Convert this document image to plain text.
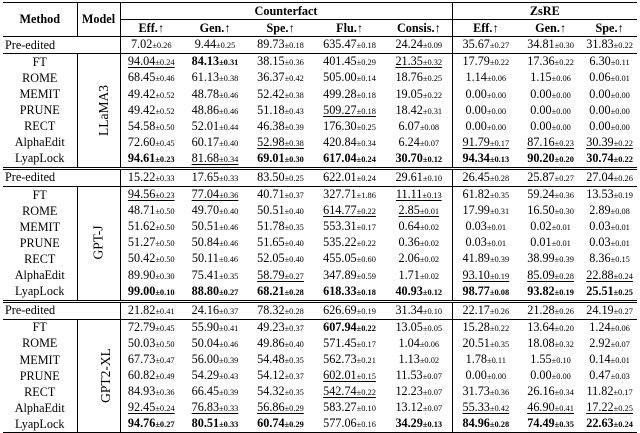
Method	Model	Counterfact					ZsRE		
		Eff.↑	Gen.↑	Spe.↑	Flu.↑	Consis.↑	Eff.↑	Gen.↑	Spe.↑
Pre-edited		7.02±0.26	9.44±0.25	89.73±0.18	635.47±0.18	24.24±0.09	35.67±0.27	34.81±0.30	31.83±0.22
FT	LLaMA3	94.04±0.24	84.13±0.31	38.15±0.36	401.45±0.29	21.35±0.32	17.79±0.22	17.36±0.22	6.30±0.11
ROME		68.45±0.46	61.13±0.38	36.37±0.42	505.00±0.14	18.76±0.25	1.14±0.06	1.15±0.06	0.06±0.01
MEMIT		49.42±0.52	48.78±0.46	52.42±0.38	499.28±0.18	19.05±0.22	0.00±0.00	0.00±0.00	0.00±0.00
PRUNE		49.42±0.52	48.86±0.46	51.18±0.43	509.27±0.18	18.42±0.31	0.00±0.00	0.00±0.00	0.00±0.00
RECT		54.58±0.50	52.01±0.44	46.38±0.39	176.30±0.25	6.07±0.08	0.00±0.00	0.00±0.00	0.00±0.00
AlphaEdit		72.60±0.45	60.17±0.40	52.98±0.38	420.84±0.34	6.24±0.07	91.79±0.17	87.16±0.23	30.39±0.22
LyapLock		94.61±0.23	81.68±0.34	69.01±0.30	617.04±0.24	30.70±0.12	94.34±0.13	90.20±0.20	30.74±0.22
Pre-edited		15.22±0.33	17.65±0.33	83.50±0.25	622.01±0.24	29.61±0.10	26.45±0.28	25.87±0.27	27.04±0.26
FT	GPT-J	94.56±0.23	77.04±0.36	40.71±0.37	327.71±1.86	11.11±0.13	61.82±0.35	59.24±0.36	13.53±0.19
ROME		48.71±0.50	49.70±0.40	50.51±0.40	614.77±0.22	2.85±0.01	17.99±0.31	16.50±0.30	2.89±0.08
MEMIT		51.62±0.50	50.51±0.46	51.78±0.35	553.31±0.17	0.64±0.02	0.03±0.01	0.02±0.01	0.03±0.01
PRUNE		51.27±0.50	50.84±0.46	51.65±0.40	535.22±0.22	0.36±0.02	0.03±0.01	0.01±0.01	0.03±0.01
RECT		50.42±0.50	50.11±0.46	52.05±0.40	455.05±0.60	2.06±0.02	41.89±0.39	38.99±0.39	8.36±0.15
AlphaEdit		89.90±0.30	75.41±0.35	58.79±0.27	347.89±0.59	1.71±0.02	93.10±0.19	85.09±0.28	22.88±0.24
LyapLock		99.00±0.10	88.80±0.27	68.21±0.28	618.33±0.18	40.93±0.12	98.77±0.08	93.82±0.19	25.51±0.25
Pre-edited		21.82±0.41	24.16±0.37	78.32±0.28	626.69±0.19	31.34±0.10	22.17±0.26	21.28±0.26	24.19±0.27
FT	GPT2-XL	72.79±0.45	55.90±0.41	49.23±0.37	607.94±0.22	13.05±0.05	15.28±0.22	13.64±0.20	1.24±0.06
ROME		50.03±0.50	50.04±0.46	49.86±0.40	571.45±0.17	1.04±0.06	20.51±0.35	18.08±0.32	2.92±0.07
MEMIT		67.73±0.47	56.00±0.39	54.48±0.35	562.73±0.21	1.13±0.02	1.78±0.11	1.55±0.10	0.14±0.01
PRUNE		60.82±0.49	54.29±0.43	54.12±0.37	602.01±0.15	11.53±0.07	0.00±0.00	0.00±0.00	0.47±0.03
RECT		84.93±0.36	66.45±0.39	54.32±0.35	542.74±0.22	12.23±0.07	31.73±0.36	26.16±0.34	11.82±0.17
AlphaEdit		92.45±0.24	76.83±0.33	56.86±0.29	583.27±0.10	13.12±0.07	55.33±0.42	46.90±0.41	17.22±0.25
LyapLock		94.76±0.27	80.51±0.33	60.74±0.29	577.06±0.16	34.29±0.13	84.96±0.28	74.49±0.35	22.63±0.24
